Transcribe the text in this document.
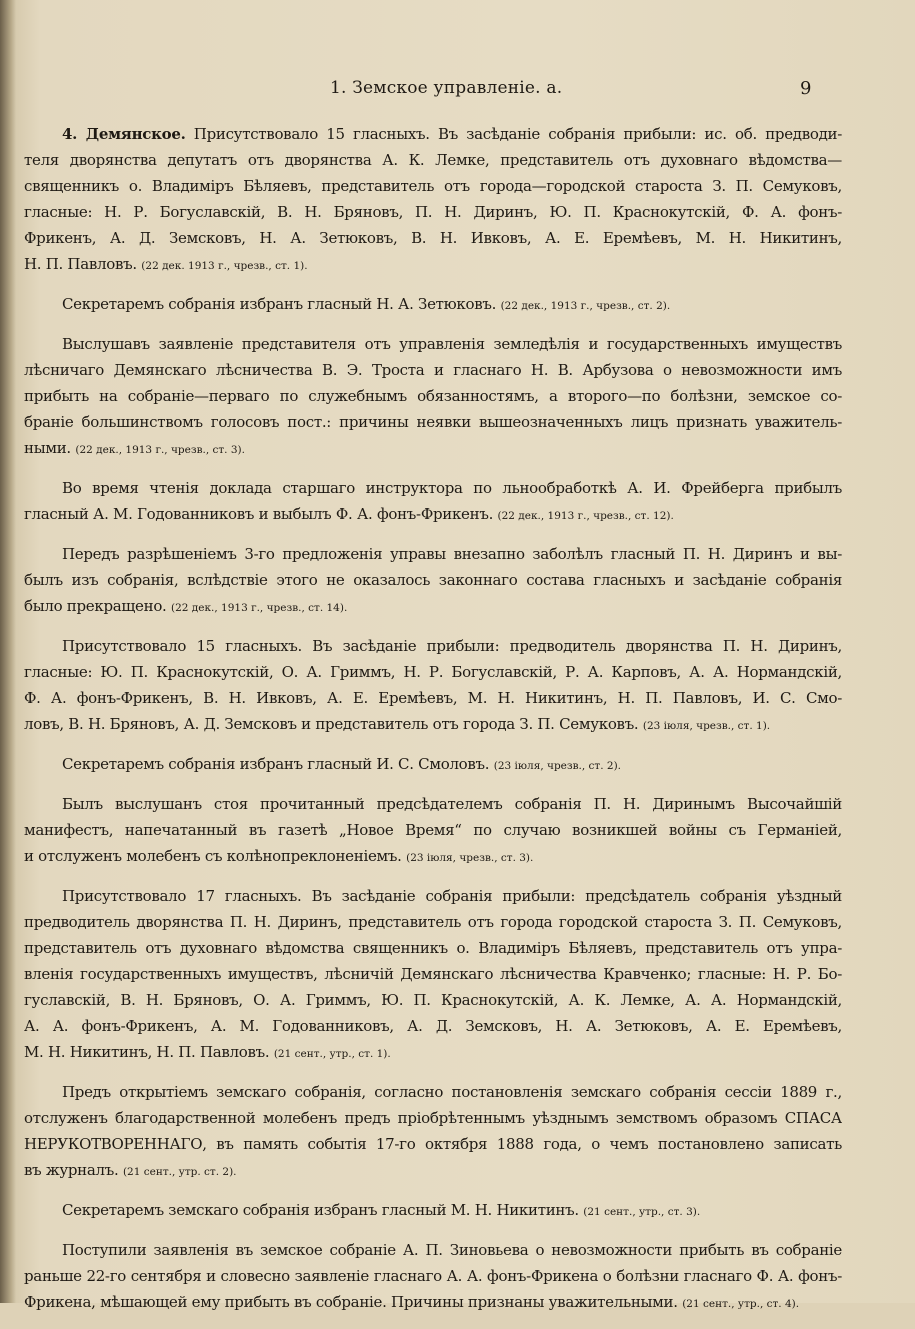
1. Земское управленіе. а.	9
4. Демянское. Присутствовало 15 гласныхъ. Въ засѣданіе собранія прибыли: ис. об. предводи-
теля дворянства депутатъ отъ дворянства А. К. Лемке, представитель отъ духовнаго вѣдомства—
священникъ о. Владиміръ Бѣляевъ, представитель отъ города—городской староста З. П. Семуковъ,
гласные: Н. Р. Богуславскій, В. Н. Бряновъ, П. Н. Диринъ, Ю. П. Краснокутскій, Ф. А. фонъ-
Фрикенъ, А. Д. Земсковъ, Н. А. Зетюковъ, В. Н. Ивковъ, А. Е. Еремѣевъ, М. Н. Никитинъ,
Н. П. Павловъ. (22 дек. 1913 г., чрезв., ст. 1).
Секретаремъ собранія избранъ гласный Н. А. Зетюковъ. (22 дек., 1913 г., чрезв., ст. 2).
Выслушавъ заявленіе представителя отъ управленія земледѣлія и государственныхъ имуществъ
лѣсничаго Демянскаго лѣсничества В. Э. Троста и гласнаго Н. В. Арбузова о невозможности имъ
прибыть на собраніе—перваго по служебнымъ обязанностямъ, а второго—по болѣзни, земское со-
браніе большинствомъ голосовъ пост.: причины неявки вышеозначенныхъ лицъ признать уважитель-
ными. (22 дек., 1913 г., чрезв., ст. 3).
Во время чтенія доклада старшаго инструктора по льнообработкѣ А. И. Фрейберга прибылъ
гласный А. М. Годованниковъ и выбылъ Ф. А. фонъ-Фрикенъ. (22 дек., 1913 г., чрезв., ст. 12).
Передъ разрѣшеніемъ 3-го предложенія управы внезапно заболѣлъ гласный П. Н. Диринъ и вы-
былъ изъ собранія, вслѣдствіе этого не оказалось законнаго состава гласныхъ и засѣданіе собранія
было прекращено. (22 дек., 1913 г., чрезв., ст. 14).
Присутствовало 15 гласныхъ. Въ засѣданіе прибыли: предводитель дворянства П. Н. Диринъ,
гласные: Ю. П. Краснокутскій, О. А. Гриммъ, Н. Р. Богуславскій, Р. А. Карповъ, А. А. Нормандскій,
Ф. А. фонъ-Фрикенъ, В. Н. Ивковъ, А. Е. Еремѣевъ, М. Н. Никитинъ, Н. П. Павловъ, И. С. Смо-
ловъ, В. Н. Бряновъ, А. Д. Земсковъ и представитель отъ города З. П. Семуковъ. (23 іюля, чрезв., ст. 1).
Секретаремъ собранія избранъ гласный И. С. Смоловъ. (23 іюля, чрезв., ст. 2).
Былъ выслушанъ стоя прочитанный предсѣдателемъ собранія П. Н. Диринымъ Высочайшій
манифестъ, напечатанный въ газетѣ „Новое Время“ по случаю возникшей войны съ Германіей,
и отслуженъ молебенъ съ колѣнопреклоненіемъ. (23 іюля, чрезв., ст. 3).
Присутствовало 17 гласныхъ. Въ засѣданіе собранія прибыли: предсѣдатель собранія уѣздный
предводитель дворянства П. Н. Диринъ, представитель отъ города городской староста З. П. Семуковъ,
представитель отъ духовнаго вѣдомства священникъ о. Владиміръ Бѣляевъ, представитель отъ упра-
вленія государственныхъ имуществъ, лѣсничій Демянскаго лѣсничества Кравченко; гласные: Н. Р. Бо-
гуславскій, В. Н. Бряновъ, О. А. Гриммъ, Ю. П. Краснокутскій, А. К. Лемке, А. А. Нормандскій,
А. А. фонъ-Фрикенъ, А. М. Годованниковъ, А. Д. Земсковъ, Н. А. Зетюковъ, А. Е. Еремѣевъ,
М. Н. Никитинъ, Н. П. Павловъ. (21 сент., утр., ст. 1).
Предъ открытіемъ земскаго собранія, согласно постановленія земскаго собранія сессіи 1889 г.,
отслуженъ благодарственной молебенъ предъ пріобрѣтеннымъ уѣзднымъ земствомъ образомъ СПАСА
НЕРУКОТВОРЕННАГО, въ память событія 17-го октября 1888 года, о чемъ постановлено записать
въ журналъ. (21 сент., утр. ст. 2).
Секретаремъ земскаго собранія избранъ гласный М. Н. Никитинъ. (21 сент., утр., ст. 3).
Поступили заявленія въ земское собраніе А. П. Зиновьева о невозможности прибыть въ собраніе
раньше 22-го сентября и словесно заявленіе гласнаго А. А. фонъ-Фрикена о болѣзни гласнаго Ф. А. фонъ-
Фрикена, мѣшающей ему прибыть въ собраніе. Причины признаны уважительными. (21 сент., утр., ст. 4).
